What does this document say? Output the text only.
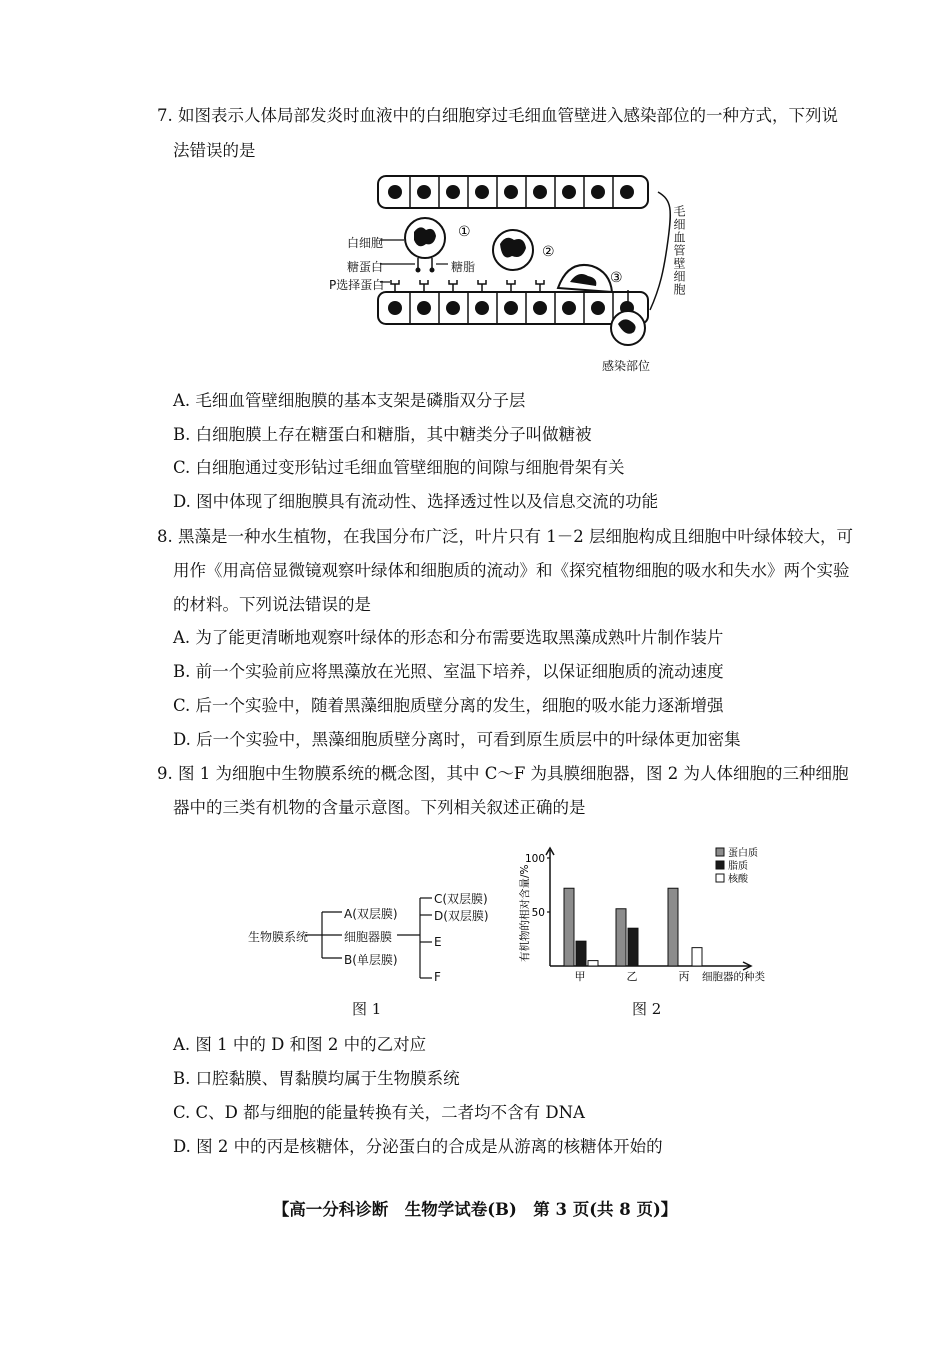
7. 如图表示人体局部发炎时血液中的白细胞穿过毛细血管壁进入感染部位的一种方式，下列说
法错误的是
①
②
③
白细胞
糖蛋白	糖脂
P选择蛋白	毛细血管壁细胞
感染部位
A. 毛细血管壁细胞膜的基本支架是磷脂双分子层
B. 白细胞膜上存在糖蛋白和糖脂，其中糖类分子叫做糖被
C. 白细胞通过变形钻过毛细血管壁细胞的间隙与细胞骨架有关
D. 图中体现了细胞膜具有流动性、选择透过性以及信息交流的功能
8. 黑藻是一种水生植物，在我国分布广泛，叶片只有 1－2 层细胞构成且细胞中叶绿体较大，可
用作《用高倍显微镜观察叶绿体和细胞质的流动》和《探究植物细胞的吸水和失水》两个实验
的材料。下列说法错误的是
A. 为了能更清晰地观察叶绿体的形态和分布需要选取黑藻成熟叶片制作装片
B. 前一个实验前应将黑藻放在光照、室温下培养，以保证细胞质的流动速度
C. 后一个实验中，随着黑藻细胞质壁分离的发生，细胞的吸水能力逐渐增强
D. 后一个实验中，黑藻细胞质壁分离时，可看到原生质层中的叶绿体更加密集
9. 图 1 为细胞中生物膜系统的概念图，其中 C～F 为具膜细胞器，图 2 为人体细胞的三种细胞
器中的三类有机物的含量示意图。下列相关叙述正确的是
生物膜系统
A(双层膜)
细胞器膜
B(单层膜)
C(双层膜)
D(双层膜)
E
F
图 1
100
50
甲	乙	丙
蛋白质
脂质
核酸
有机物的相对含量/%
细胞器的种类
图 2
A. 图 1 中的 D 和图 2 中的乙对应
B. 口腔黏膜、胃黏膜均属于生物膜系统
C. C、D 都与细胞的能量转换有关，二者均不含有 DNA
D. 图 2 中的丙是核糖体，分泌蛋白的合成是从游离的核糖体开始的
【高一分科诊断　生物学试卷(B)　第 3 页(共 8 页)】
